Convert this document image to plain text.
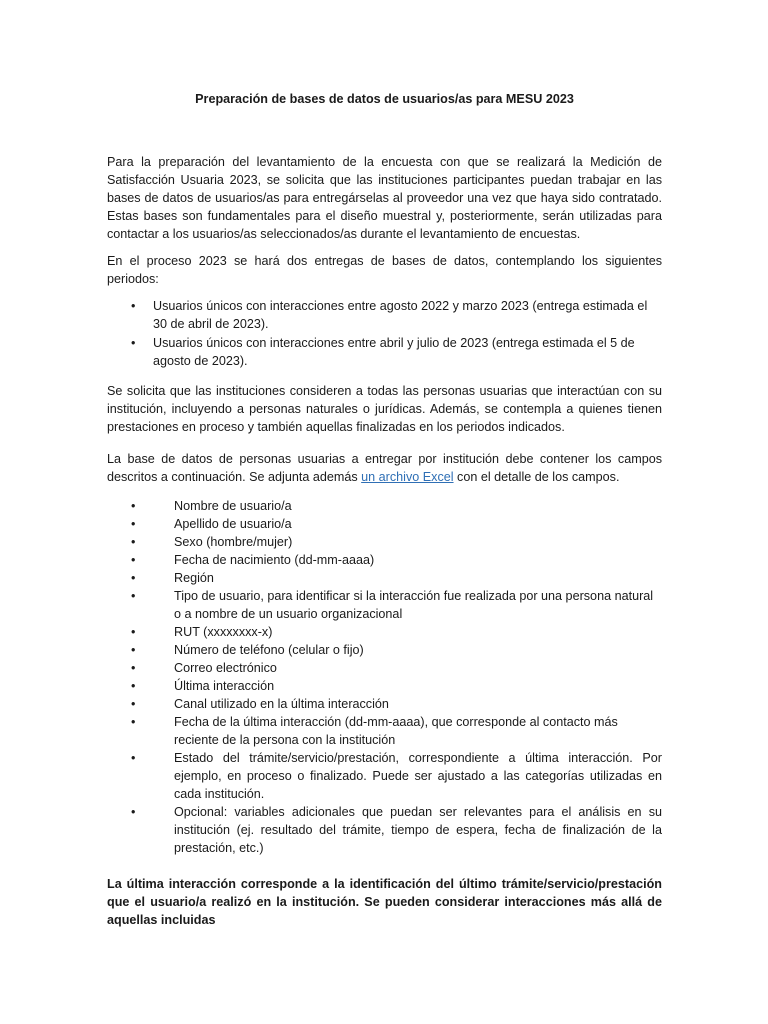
Preparación de bases de datos de usuarios/as para MESU 2023

Para la preparación del levantamiento de la encuesta con que se realizará la Medición de Satisfacción Usuaria 2023, se solicita que las instituciones participantes puedan trabajar en las bases de datos de usuarios/as para entregárselas al proveedor una vez que haya sido contratado. Estas bases son fundamentales para el diseño muestral y, posteriormente, serán utilizadas para contactar a los usuarios/as seleccionados/as durante el levantamiento de encuestas.

En el proceso 2023 se hará dos entregas de bases de datos, contemplando los siguientes periodos:

• Usuarios únicos con interacciones entre agosto 2022 y marzo 2023 (entrega estimada el 30 de abril de 2023).
• Usuarios únicos con interacciones entre abril y julio de 2023 (entrega estimada el 5 de agosto de 2023).

Se solicita que las instituciones consideren a todas las personas usuarias que interactúan con su institución, incluyendo a personas naturales o jurídicas. Además, se contempla a quienes tienen prestaciones en proceso y también aquellas finalizadas en los periodos indicados.

La base de datos de personas usuarias a entregar por institución debe contener los campos descritos a continuación. Se adjunta además un archivo Excel con el detalle de los campos.

•	Nombre de usuario/a
•	Apellido de usuario/a
•	Sexo (hombre/mujer)
•	Fecha de nacimiento (dd-mm-aaaa)
•	Región
•	Tipo de usuario, para identificar si la interacción fue realizada por una persona natural o a nombre de un usuario organizacional
•	RUT (xxxxxxxx-x)
•	Número de teléfono (celular o fijo)
•	Correo electrónico
•	Última interacción
•	Canal utilizado en la última interacción
•	Fecha de la última interacción (dd-mm-aaaa), que corresponde al contacto más reciente de la persona con la institución
•	Estado del trámite/servicio/prestación, correspondiente a última interacción. Por ejemplo, en proceso o finalizado. Puede ser ajustado a las categorías utilizadas en cada institución.
•	Opcional: variables adicionales que puedan ser relevantes para el análisis en su institución (ej. resultado del trámite, tiempo de espera, fecha de finalización de la prestación, etc.)

La última interacción corresponde a la identificación del último trámite/servicio/prestación que el usuario/a realizó en la institución. Se pueden considerar interacciones más allá de aquellas incluidas
